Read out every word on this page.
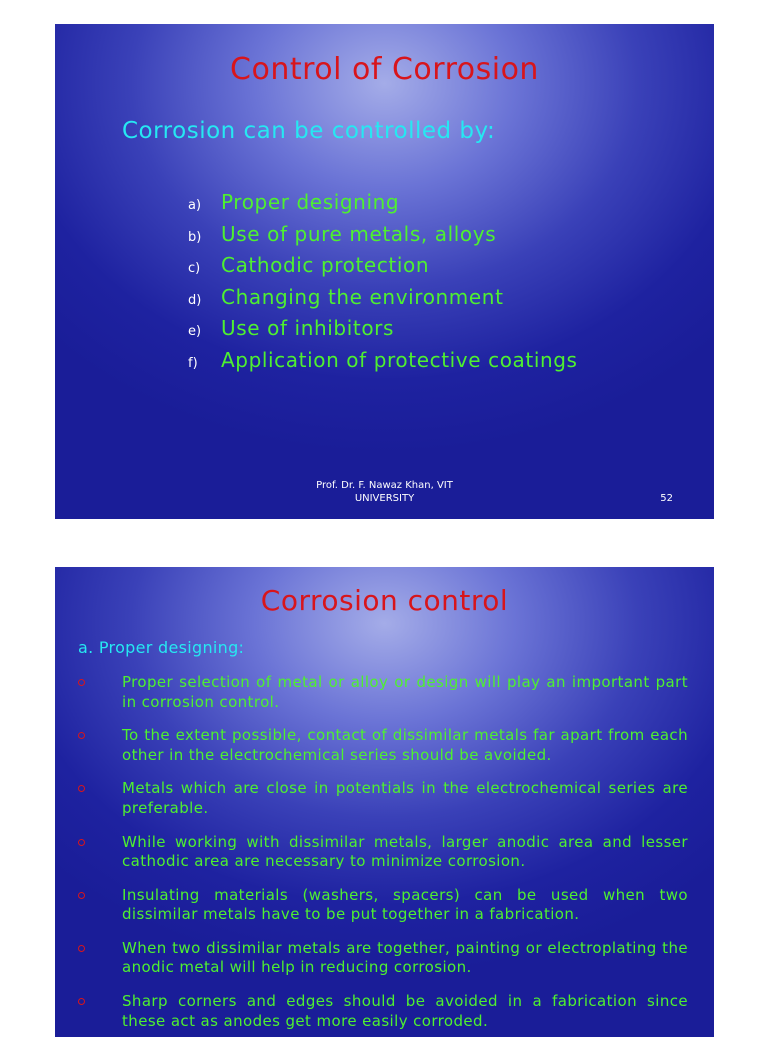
Control of Corrosion
Corrosion can be controlled by:
a) Proper designing
b) Use of pure metals, alloys
c)	Cathodic protection
d) Changing the environment
e) Use of inhibitors
f)	Application of protective coatings
Prof. Dr. F. Nawaz Khan, VIT
UNIVERSITY	52
Corrosion control
a. Proper designing:
Proper selection of metal or alloy or design will play an important part in corrosion control.
To the extent possible, contact of dissimilar metals far apart from each other in the electrochemical series should be avoided.
Metals which are close in potentials in the electrochemical series are preferable.
While working with dissimilar metals, larger anodic area and lesser cathodic area are necessary to minimize corrosion.
Insulating materials (washers, spacers) can be used when two dissimilar metals have to be put together in a fabrication.
When two dissimilar metals are together, painting or electroplating the anodic metal will help in reducing corrosion.
Sharp corners and edges should be avoided in a fabrication since these act as anodes get more easily corroded.
